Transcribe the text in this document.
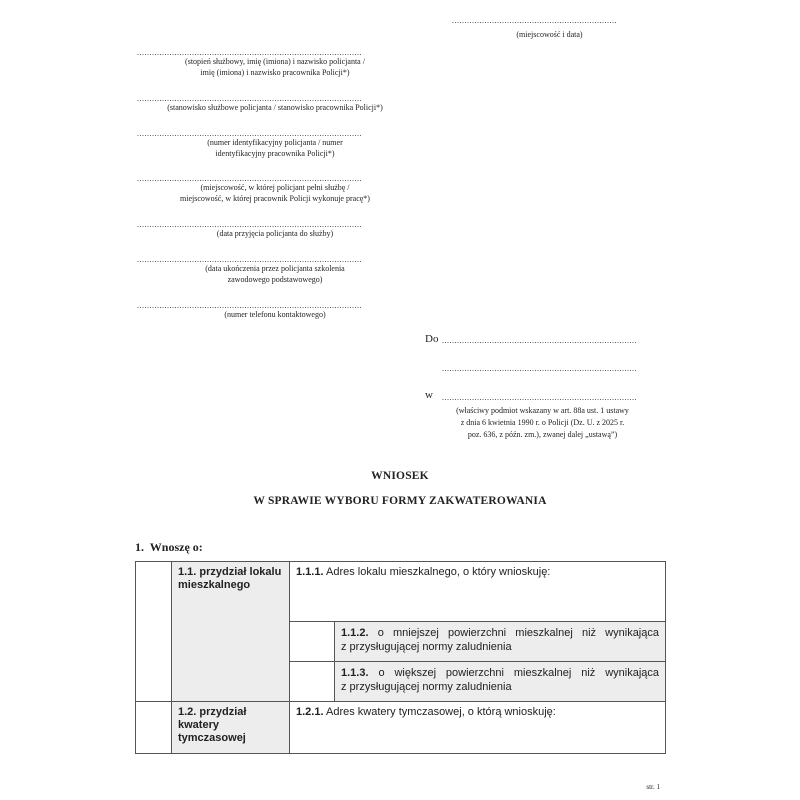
..................................................................
(miejscowość i data)
..........................................................................................
(stopień służbowy, imię (imiona) i nazwisko policjanta /
imię (imiona) i nazwisko pracownika Policji*)
..........................................................................................
(stanowisko służbowe policjanta / stanowisko pracownika Policji*)
..........................................................................................
(numer identyfikacyjny policjanta / numer
identyfikacyjny pracownika Policji*)
..........................................................................................
(miejscowość, w której policjant pełni służbę /
miejscowość, w której pracownik Policji wykonuje pracę*)
..........................................................................................
(data przyjęcia policjanta do służby)
..........................................................................................
(data ukończenia przez policjanta szkolenia
zawodowego podstawowego)
..........................................................................................
(numer telefonu kontaktowego)
Do ..............................................................................
..............................................................................
w ..............................................................................
(właściwy podmiot wskazany w art. 88a ust. 1 ustawy
z dnia 6 kwietnia 1990 r. o Policji (Dz. U. z 2025 r.
poz. 636, z późn. zm.), zwanej dalej „ustawą”)
WNIOSEK
W SPRAWIE WYBORU FORMY ZAKWATEROWANIA
1.  Wnoszę o:
	1.1. przydział lokalu mieszkalnego	1.1.1. Adres lokalu mieszkalnego, o który wnioskuję:	

			1.1.2. o mniejszej powierzchni mieszkalnej niż wynikająca
z przysługującej normy zaludnienia

			1.1.3. o większej powierzchni mieszkalnej niż wynikająca
z przysługującej normy zaludnienia

	1.2. przydział kwatery tymczasowej	1.2.1. Adres kwatery tymczasowej, o którą wnioskuję:	
str. 1
